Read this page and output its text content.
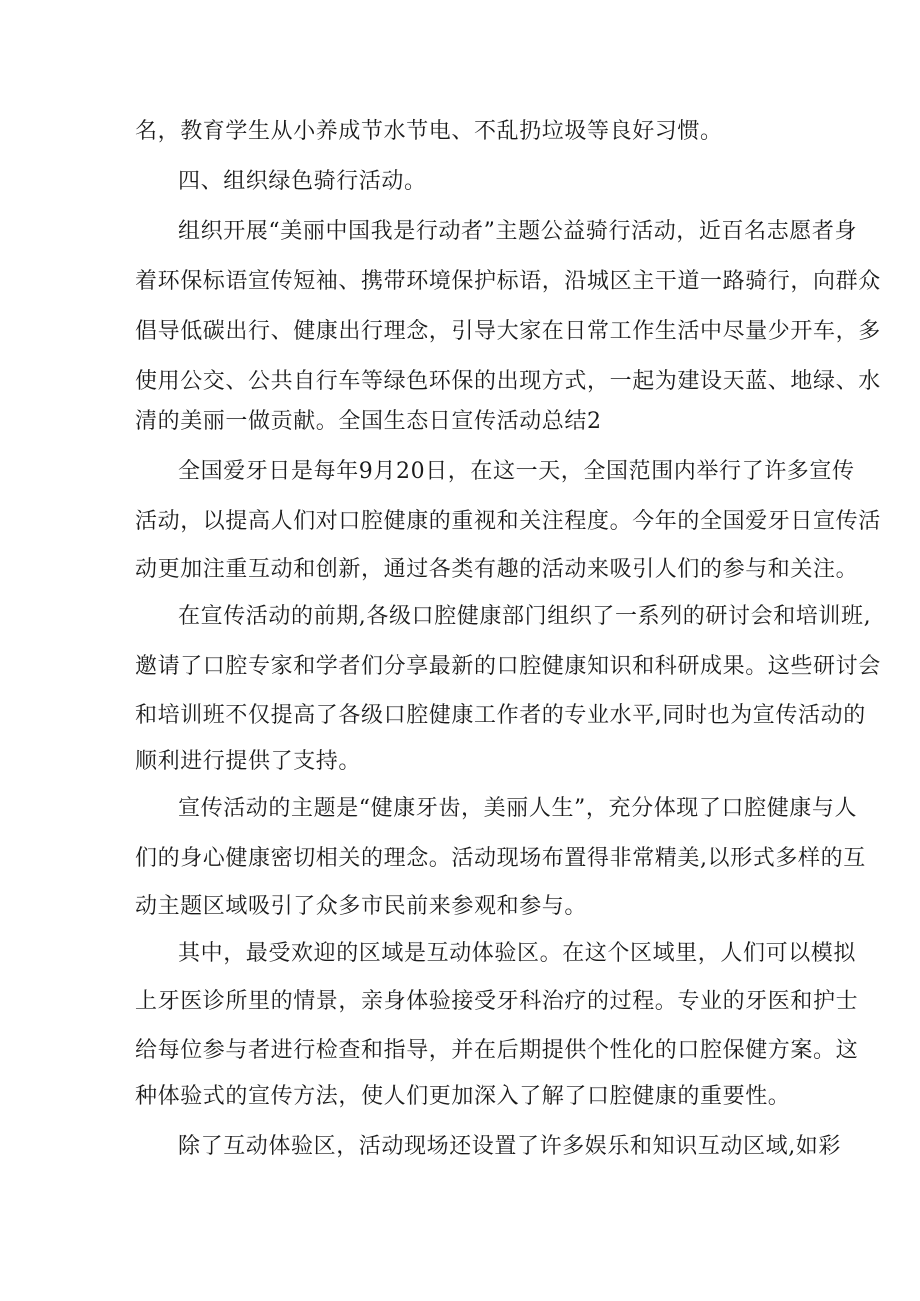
名，教育学生从小养成节水节电、不乱扔垃圾等良好习惯。
四、组织绿色骑行活动。
组织开展“美丽中国我是行动者”主题公益骑行活动，近百名志愿者身
着环保标语宣传短袖、携带环境保护标语，沿城区主干道一路骑行，向群众
倡导低碳出行、健康出行理念，引导大家在日常工作生活中尽量少开车，多
使用公交、公共自行车等绿色环保的出现方式，一起为建设天蓝、地绿、水
清的美丽一做贡献。全国生态日宣传活动总结2
全国爱牙日是每年9月20日，在这一天，全国范围内举行了许多宣传
活动，以提高人们对口腔健康的重视和关注程度。今年的全国爱牙日宣传活
动更加注重互动和创新，通过各类有趣的活动来吸引人们的参与和关注。
在宣传活动的前期,各级口腔健康部门组织了一系列的研讨会和培训班,
邀请了口腔专家和学者们分享最新的口腔健康知识和科研成果。这些研讨会
和培训班不仅提高了各级口腔健康工作者的专业水平,同时也为宣传活动的
顺利进行提供了支持。
宣传活动的主题是“健康牙齿，美丽人生”，充分体现了口腔健康与人
们的身心健康密切相关的理念。活动现场布置得非常精美,以形式多样的互
动主题区域吸引了众多市民前来参观和参与。
其中，最受欢迎的区域是互动体验区。在这个区域里，人们可以模拟
上牙医诊所里的情景，亲身体验接受牙科治疗的过程。专业的牙医和护士
给每位参与者进行检查和指导，并在后期提供个性化的口腔保健方案。这
种体验式的宣传方法，使人们更加深入了解了口腔健康的重要性。
除了互动体验区，活动现场还设置了许多娱乐和知识互动区域,如彩
